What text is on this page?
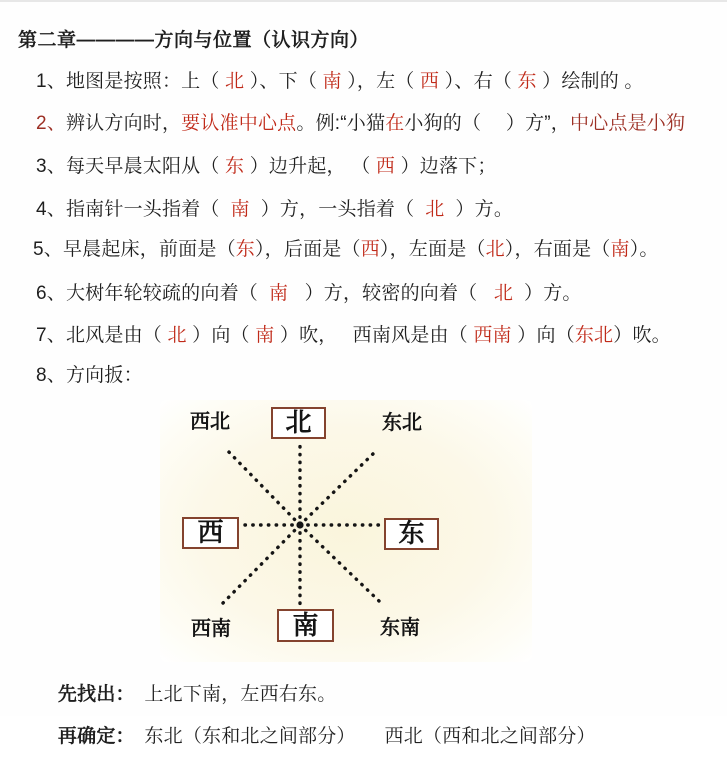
第二章————方向与位置（认识方向）
1、地图是按照：上（ 北 ）、下（ 南 ），左（ 西 ）、右（ 东 ）绘制的 。
2、辨认方向时，要认准中心点。例:“小猫在小狗的（　 ）方”，中心点是小狗
3、每天早晨太阳从（ 东 ）边升起， （ 西 ）边落下；
4、指南针一头指着（  南  ）方，一头指着（  北  ）方。
5、早晨起床，前面是（东），后面是（西），左面是（北），右面是（南）。
6、大树年轮较疏的向着（  南   ）方，较密的向着（   北  ）方。
7、北风是由（ 北 ）向（ 南 ）吹，　 西南风是由（ 西南 ）向（东北）吹。
8、方向扳：
北
南
西	东
西北	东北
西南	东南

先找出：　上北下南，左西右东。

再确定：　东北（东和北之间部分）　　西北（西和北之间部分）
